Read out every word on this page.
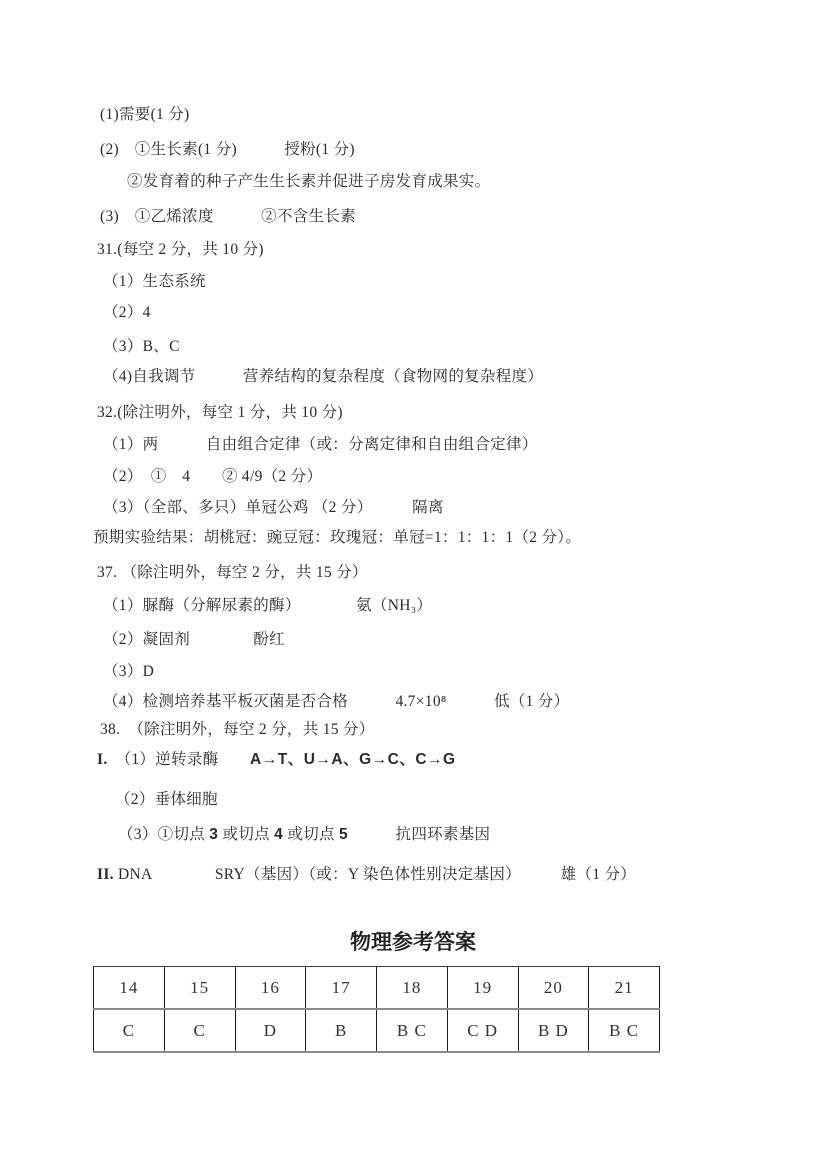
(1)需要(1 分)
(2)　①生长素(1 分)　　　授粉(1 分)
②发育着的种子产生生长素并促进子房发育成果实。
(3)　①乙烯浓度　　　②不含生长素
31.(每空 2 分，共 10 分)
（1）生态系统
（2）4
（3）B、C
（4)自我调节　　　营养结构的复杂程度（食物网的复杂程度）
32.(除注明外，每空 1 分，共 10 分)
（1）两　　　自由组合定律（或：分离定律和自由组合定律）
（2）　①　4　　② 4/9（2 分）
（3）（全部、多只）单冠公鸡 （2 分）　　　隔离
预期实验结果：胡桃冠：豌豆冠：玫瑰冠：单冠=1：1：1：1（2 分）。
37. （除注明外，每空 2 分，共 15 分）
（1）脲酶（分解尿素的酶）　　　　氨（NH₃）
（2）凝固剂　　　　酚红
（3）D
（4）检测培养基平板灭菌是否合格　　　4.7×10⁸　　　低（1 分）
38.　（除注明外，每空 2 分，共 15 分）
I.　（1）逆转录酶　　A→T、U→A、G→C、C→G
（2）垂体细胞
（3）①切点 3 或切点 4 或切点 5　　　抗四环素基因
II. DNA　　　　SRY（基因）（或：Y 染色体性别决定基因）　　　雄（1 分）
物理参考答案
14	15	16	17	18	19	20	21
C	C	D	B	B C	C D	B D	B C
